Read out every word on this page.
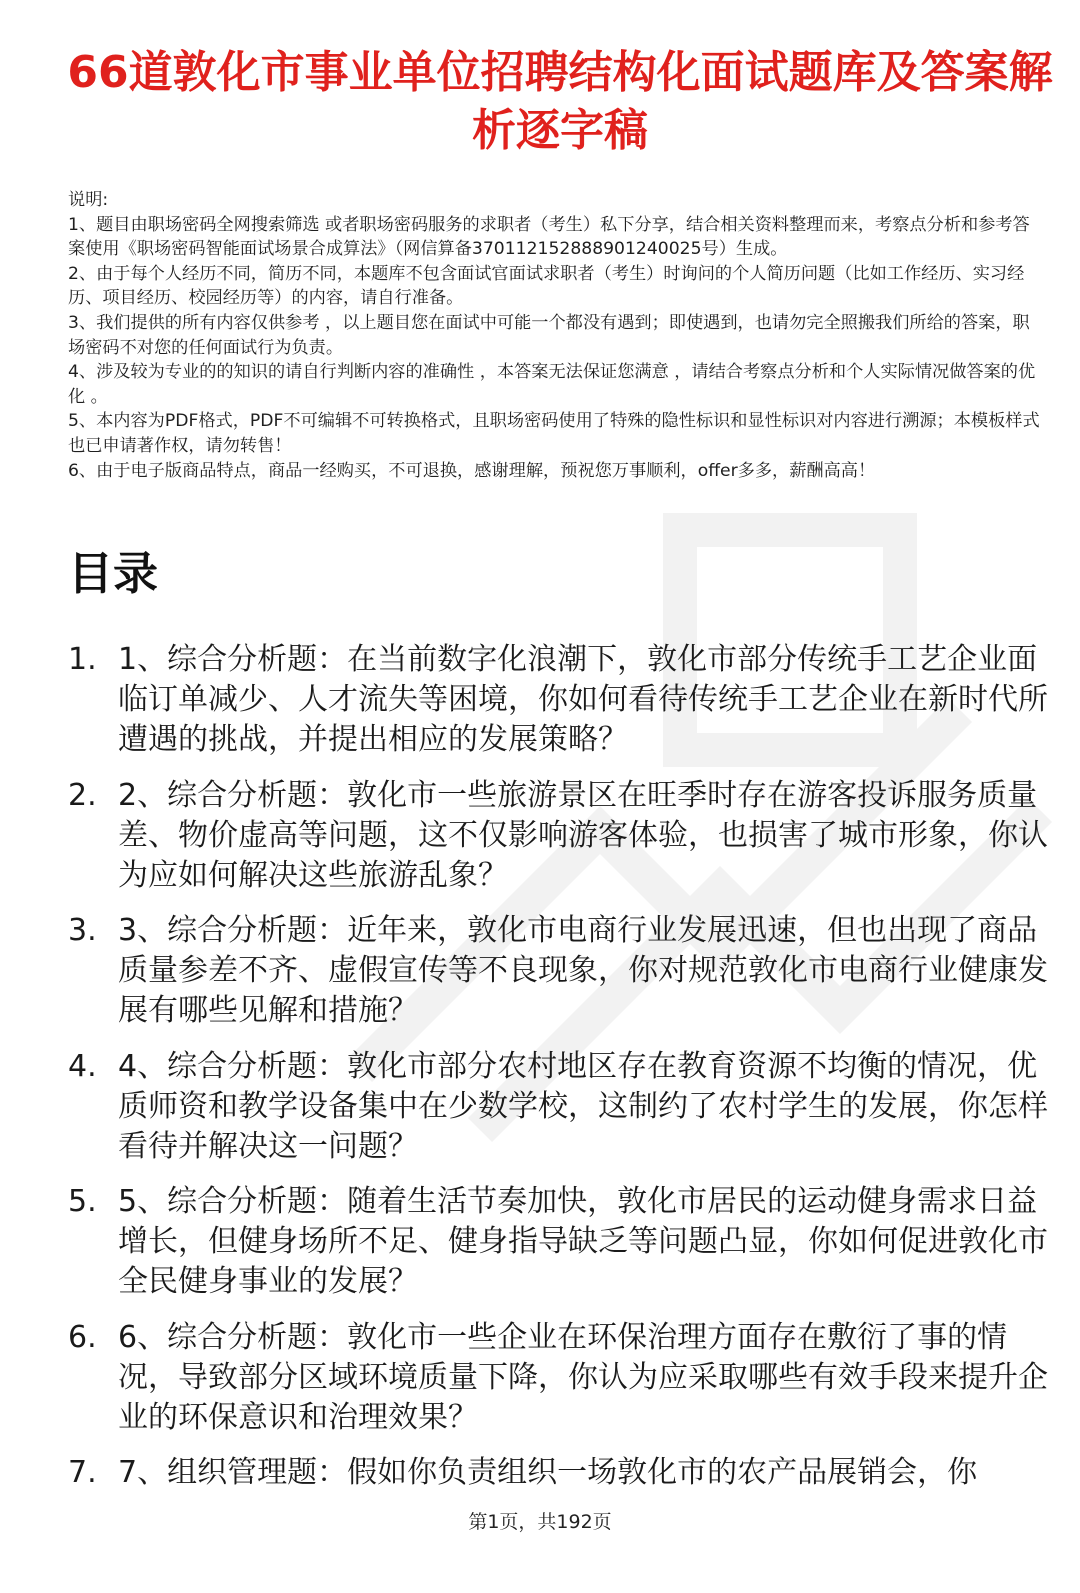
66道敦化市事业单位招聘结构化面试题库及答案解析逐字稿

说明:

1、题目由职场密码全网搜索筛选 或者职场密码服务的求职者（考生）私下分享，结合相关资料整理而来，考察点分析和参考答案使用《职场密码智能面试场景合成算法》（网信算备370112152888901240025号）生成。

2、由于每个人经历不同，简历不同，本题库不包含面试官面试求职者（考生）时询问的个人简历问题（比如工作经历、实习经历、项目经历、校园经历等）的内容，请自行准备。

3、我们提供的所有内容仅供参考 ，以上题目您在面试中可能一个都没有遇到；即使遇到，也请勿完全照搬我们所给的答案，职场密码不对您的任何面试行为负责。

4、涉及较为专业的的知识的请自行判断内容的准确性 ，本答案无法保证您满意 ，请结合考察点分析和个人实际情况做答案的优化 。

5、本内容为PDF格式，PDF不可编辑不可转换格式，且职场密码使用了特殊的隐性标识和显性标识对内容进行溯源；本模板样式也已申请著作权，请勿转售！

6、由于电子版商品特点，商品一经购买，不可退换，感谢理解，预祝您万事顺利，offer多多，薪酬高高！

目录
1. 1、综合分析题：在当前数字化浪潮下，敦化市部分传统手工艺企业面临订单减少、人才流失等困境，你如何看待传统手工艺企业在新时代所遭遇的挑战，并提出相应的发展策略？
2. 2、综合分析题：敦化市一些旅游景区在旺季时存在游客投诉服务质量差、物价虚高等问题，这不仅影响游客体验，也损害了城市形象，你认为应如何解决这些旅游乱象？
3. 3、综合分析题：近年来，敦化市电商行业发展迅速，但也出现了商品质量参差不齐、虚假宣传等不良现象，你对规范敦化市电商行业健康发展有哪些见解和措施？
4. 4、综合分析题：敦化市部分农村地区存在教育资源不均衡的情况，优质师资和教学设备集中在少数学校，这制约了农村学生的发展，你怎样看待并解决这一问题？
5. 5、综合分析题：随着生活节奏加快，敦化市居民的运动健身需求日益增长，但健身场所不足、健身指导缺乏等问题凸显，你如何促进敦化市全民健身事业的发展？
6. 6、综合分析题：敦化市一些企业在环保治理方面存在敷衍了事的情况，导致部分区域环境质量下降，你认为应采取哪些有效手段来提升企业的环保意识和治理效果？
7. 7、组织管理题：假如你负责组织一场敦化市的农产品展销会，你
第1页，共192页
